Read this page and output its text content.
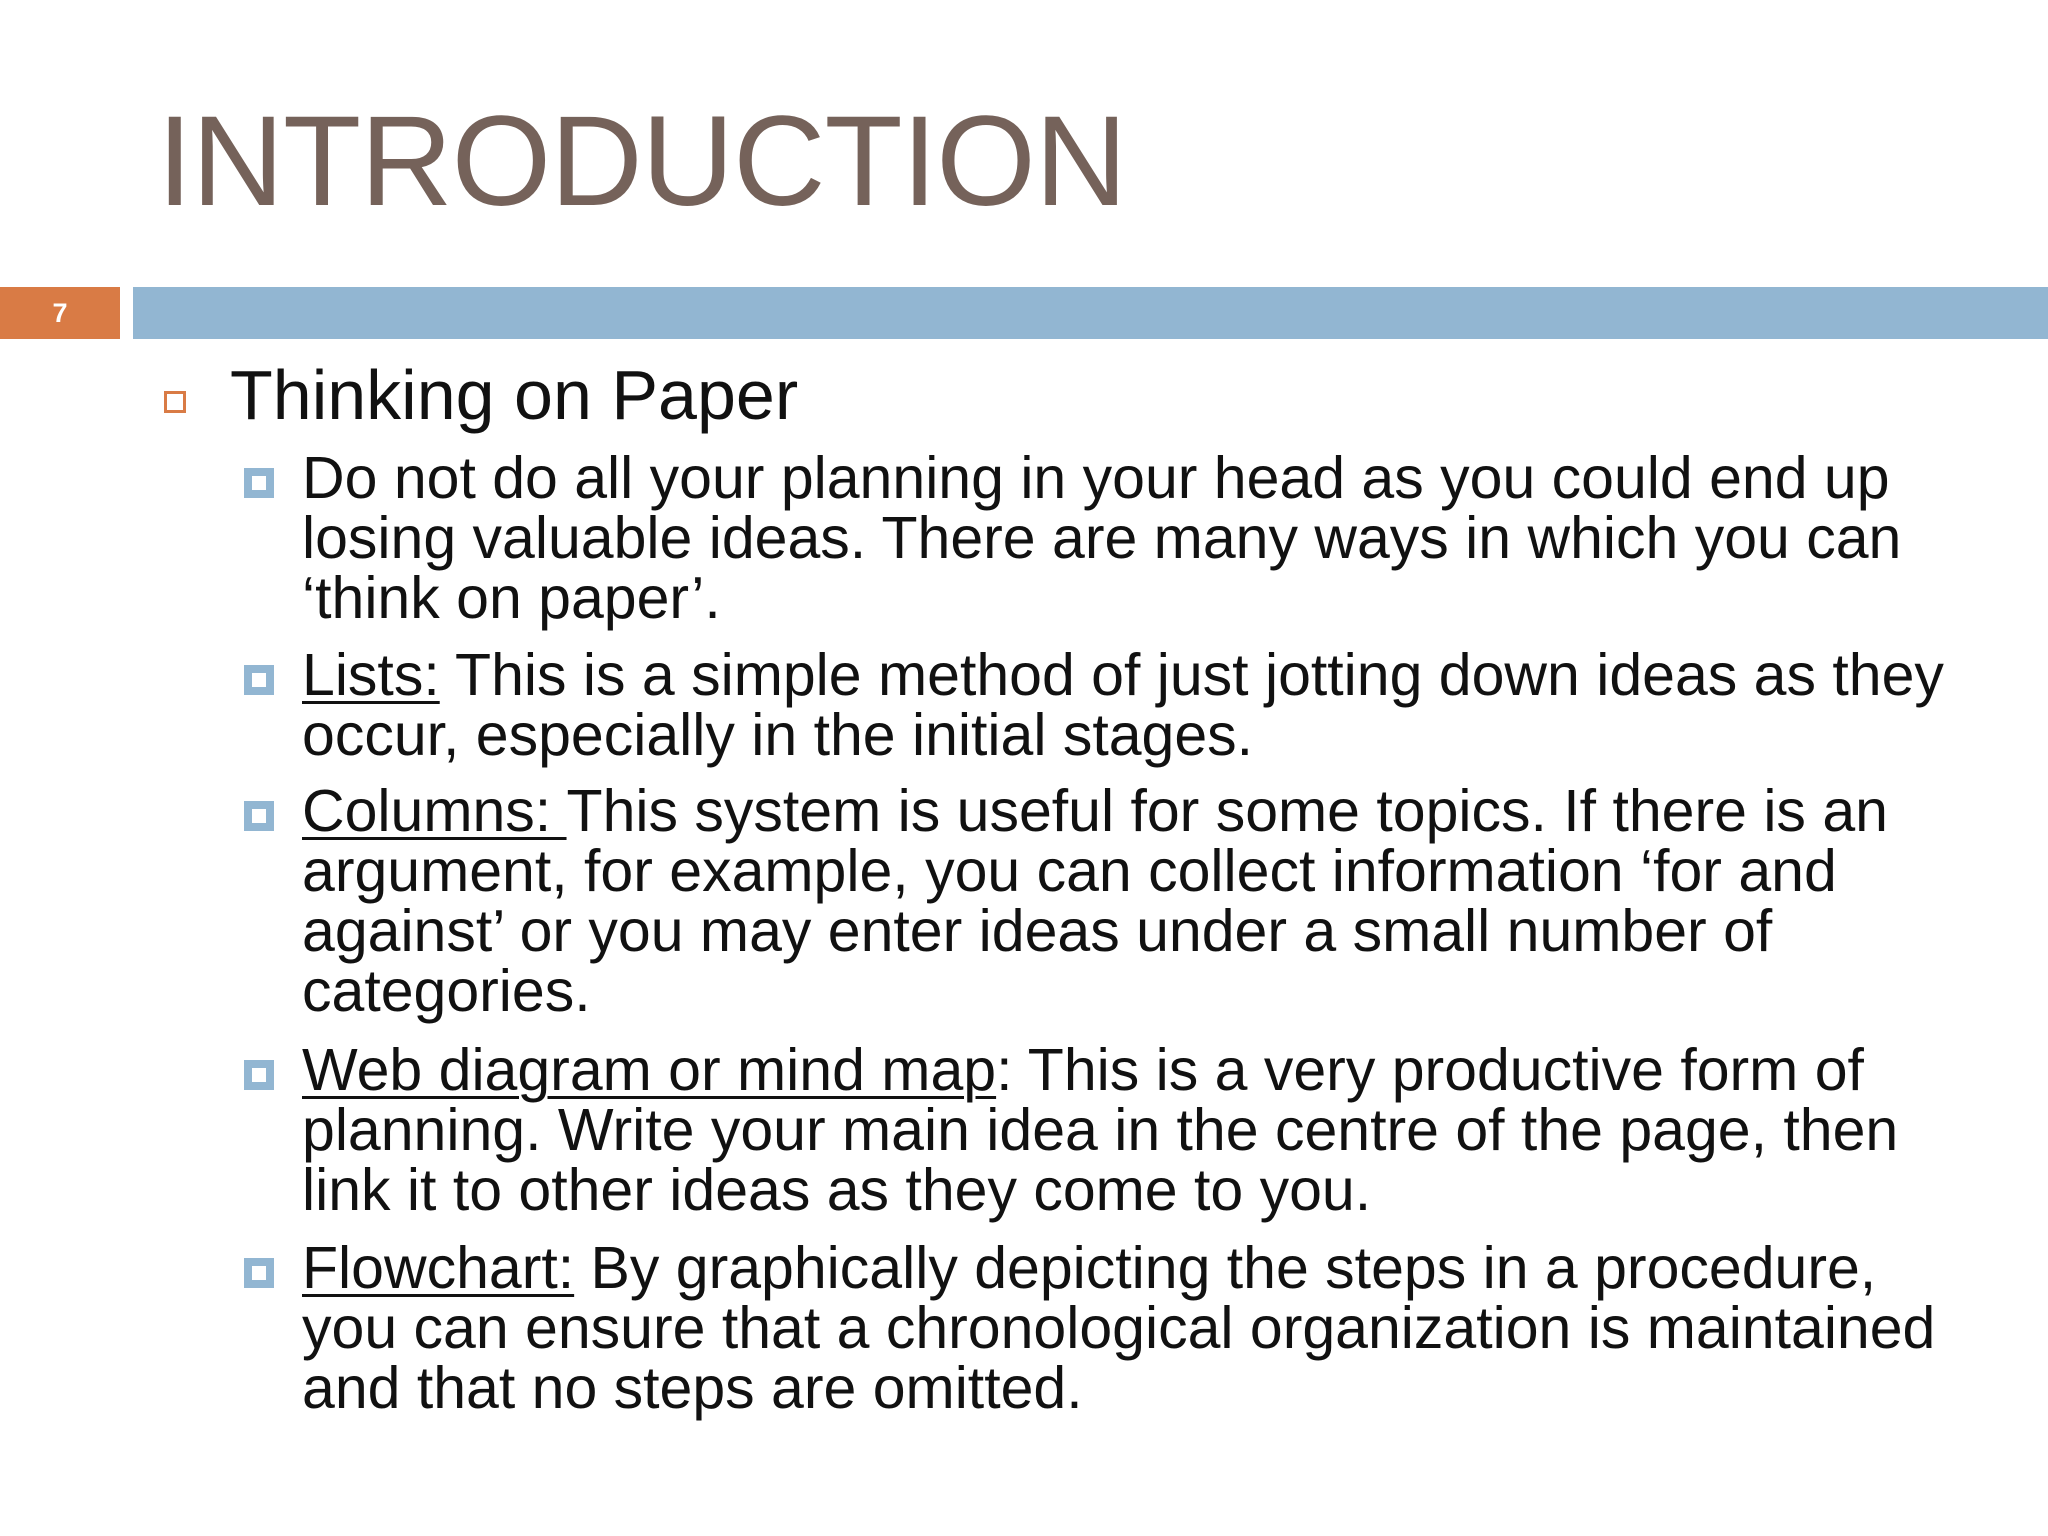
INTRODUCTION
7
Thinking on Paper
Do not do all your planning in your head as you could end up losing valuable ideas. There are many ways in which you can ‘think on paper’.
Lists: This is a simple method of just jotting down ideas as they occur, especially in the initial stages.
Columns: This system is useful for some topics. If there is an argument, for example, you can collect information ‘for and against’ or you may enter ideas under a small number of categories.
Web diagram or mind map: This is a very productive form of planning. Write your main idea in the centre of the page, then link it to other ideas as they come to you.
Flowchart: By graphically depicting the steps in a procedure, you can ensure that a chronological organization is maintained and that no steps are omitted.
